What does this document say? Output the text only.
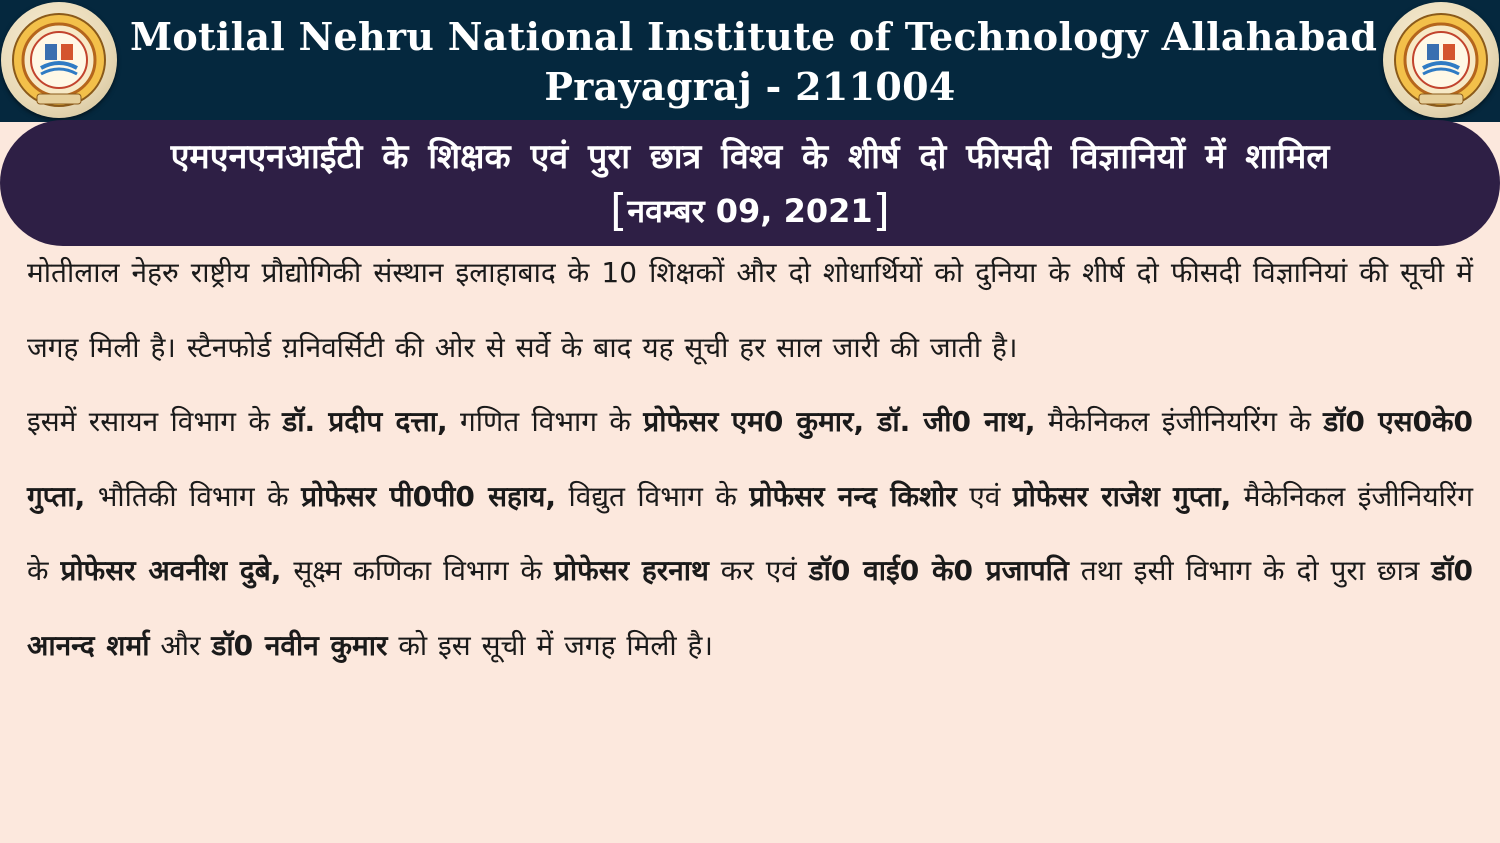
Motilal Nehru National Institute of Technology Allahabad
Prayagraj - 211004
एमएनएनआईटी के शिक्षक एवं पुरा छात्र विश्व के शीर्ष दो फीसदी विज्ञानियों में शामिल
[नवम्बर 09, 2021]

मोतीलाल नेहरु राष्ट्रीय प्रौद्योगिकी संस्थान इलाहाबाद के 10 शिक्षकों और दो शोधार्थियों को दुनिया के शीर्ष दो फीसदी विज्ञानियां की सूची में जगह मिली है। स्टैनफोर्ड य़निवर्सिटी की ओर से सर्वे के बाद यह सूची हर साल जारी की जाती है।

इसमें रसायन विभाग के डॉ. प्रदीप दत्ता, गणित विभाग के प्रोफेसर एम0 कुमार, डॉ. जी0 नाथ, मैकेनिकल इंजीनियरिंग के डॉ0 एस0के0 गुप्ता, भौतिकी विभाग के प्रोफेसर पी0पी0 सहाय, विद्युत विभाग के प्रोफेसर नन्द किशोर एवं प्रोफेसर राजेश गुप्ता, मैकेनिकल इंजीनियरिंग के प्रोफेसर अवनीश दुबे, सूक्ष्म कणिका विभाग के प्रोफेसर हरनाथ कर एवं डॉ0 वाई0 के0 प्रजापति तथा इसी विभाग के दो पुरा छात्र डॉ0 आनन्द शर्मा और डॉ0 नवीन कुमार को इस सूची में जगह मिली है।
